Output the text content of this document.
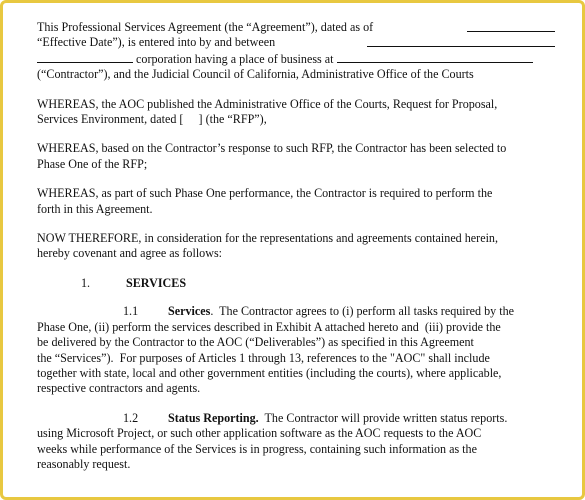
This Professional Services Agreement (the “Agreement”), dated as of
“Effective Date”), is entered into by and between
corporation having a place of business at
(“Contractor”), and the Judicial Council of California, Administrative Office of the Courts
WHEREAS, the AOC published the Administrative Office of the Courts, Request for Proposal,
Services Environment, dated [     ] (the “RFP”),
WHEREAS, based on the Contractor’s response to such RFP, the Contractor has been selected to
Phase One of the RFP;
WHEREAS, as part of such Phase One performance, the Contractor is required to perform the
forth in this Agreement.
NOW THEREFORE, in consideration for the representations and agreements contained herein,
hereby covenant and agree as follows:
1.	SERVICES
1.1 Services.  The Contractor agrees to (i) perform all tasks required by the
Phase One, (ii) perform the services described in Exhibit A attached hereto and  (iii) provide the
be delivered by the Contractor to the AOC (“Deliverables”) as specified in this Agreement
the “Services”).  For purposes of Articles 1 through 13, references to the "AOC" shall include
together with state, local and other government entities (including the courts), where applicable,
respective contractors and agents.
1.2 Status Reporting.  The Contractor will provide written status reports.
using Microsoft Project, or such other application software as the AOC requests to the AOC
weeks while performance of the Services is in progress, containing such information as the
reasonably request.
